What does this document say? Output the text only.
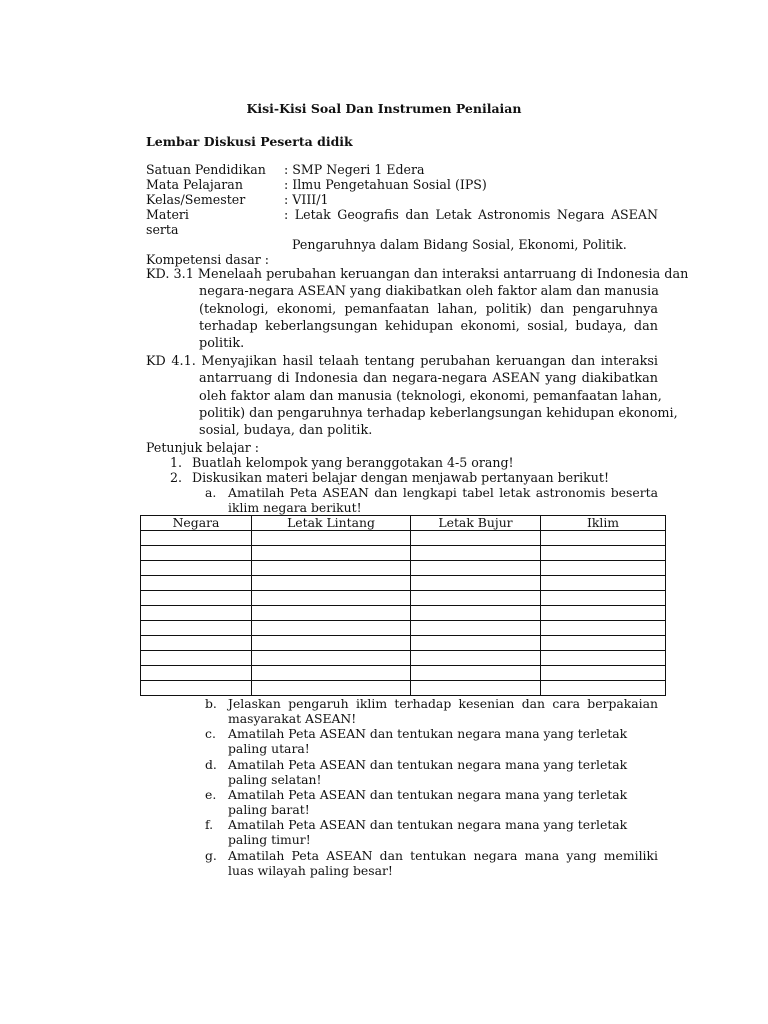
Kisi-Kisi Soal Dan Instrumen Penilaian
Lembar Diskusi Peserta didik
Satuan Pendidikan : SMP Negeri 1 Edera
Mata Pelajaran	: Ilmu Pengetahuan Sosial (IPS)
Kelas/Semester	: VIII/1
Materi	: Letak Geografis dan Letak Astronomis Negara ASEAN
serta
Pengaruhnya dalam Bidang Sosial, Ekonomi, Politik.
Kompetensi dasar :
KD. 3.1 Menelaah perubahan keruangan dan interaksi antarruang di Indonesia dan
negara-negara ASEAN yang diakibatkan oleh faktor alam dan manusia
(teknologi, ekonomi, pemanfaatan lahan, politik) dan pengaruhnya
terhadap keberlangsungan kehidupan ekonomi, sosial, budaya, dan
politik.
KD 4.1. Menyajikan hasil telaah tentang perubahan keruangan dan interaksi
antarruang di Indonesia dan negara-negara ASEAN yang diakibatkan
oleh faktor alam dan manusia (teknologi, ekonomi, pemanfaatan lahan,
politik) dan pengaruhnya terhadap keberlangsungan kehidupan ekonomi,
sosial, budaya, dan politik.
Petunjuk belajar :
1. Buatlah kelompok yang beranggotakan 4-5 orang!
2. Diskusikan materi belajar dengan menjawab pertanyaan berikut!
a. Amatilah Peta ASEAN dan lengkapi tabel letak astronomis beserta
iklim negara berikut!
Negara	Letak Lintang	Letak Bujur	Iklim

b. Jelaskan pengaruh iklim terhadap kesenian dan cara berpakaian
masyarakat ASEAN!
c. Amatilah Peta ASEAN dan tentukan negara mana yang terletak
paling utara!
d. Amatilah Peta ASEAN dan tentukan negara mana yang terletak
paling selatan!
e. Amatilah Peta ASEAN dan tentukan negara mana yang terletak
paling barat!
f. Amatilah Peta ASEAN dan tentukan negara mana yang terletak
paling timur!
g. Amatilah Peta ASEAN dan tentukan negara mana yang memiliki
luas wilayah paling besar!
